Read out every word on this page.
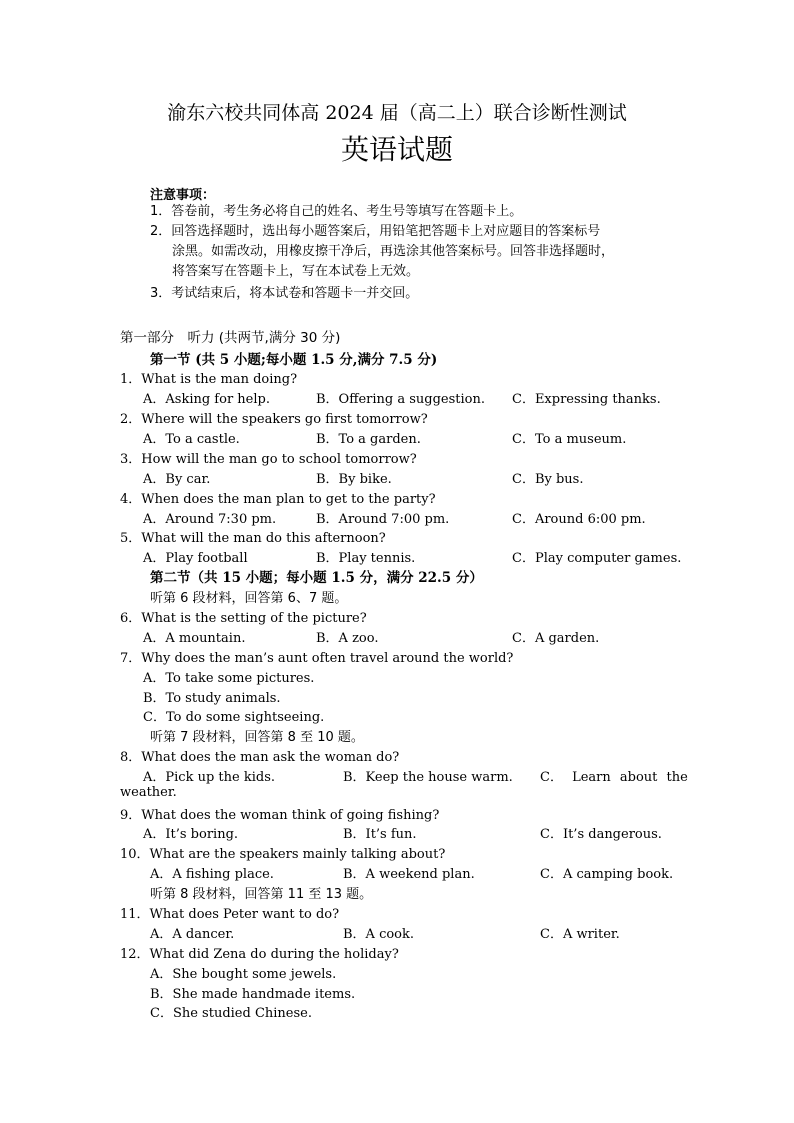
渝东六校共同体高 2024 届（高二上）联合诊断性测试
英语试题
注意事项：
1．答卷前，考生务必将自己的姓名、考生号等填写在答题卡上。
2．回答选择题时，选出每小题答案后，用铅笔把答题卡上对应题目的答案标号
涂黑。如需改动，用橡皮擦干净后，再选涂其他答案标号。回答非选择题时，
将答案写在答题卡上，写在本试卷上无效。
3．考试结束后，将本试卷和答题卡一并交回。
第一部分　听力 (共两节,满分 30 分)
第一节 (共 5 小题;每小题 1.5 分,满分 7.5 分)
1．What is the man doing?
A．Asking for help.	B．Offering a suggestion. C．Expressing thanks.
2．Where will the speakers go first tomorrow?
A．To a castle.	B．To a garden.	C．To a museum.
3．How will the man go to school tomorrow?
A．By car.	B．By bike.	C．By bus.
4．When does the man plan to get to the party?
A．Around 7:30 pm.	B．Around 7:00 pm.	C．Around 6:00 pm.
5．What will the man do this afternoon?
A．Play football	B．Play tennis.	C．Play computer games.
第二节（共 15 小题；每小题 1.5 分，满分 22.5 分）
听第 6 段材料，回答第 6、7 题。
6．What is the setting of the picture?
A．A mountain.	B．A zoo.	C．A garden.
7．Why does the man’s aunt often travel around the world?
A．To take some pictures.
B．To study animals.
C．To do some sightseeing.
听第 7 段材料，回答第 8 至 10 题。
8．What does the man ask the woman do?
A．Pick up the kids.	B．Keep the house warm. C． Learn about the
weather.
9．What does the woman think of going fishing?
A．It’s boring.	B．It’s fun.	C．It’s dangerous.
10．What are the speakers mainly talking about?
A．A fishing place.	B．A weekend plan.	C．A camping book.
听第 8 段材料，回答第 11 至 13 题。
11．What does Peter want to do?
A．A dancer.	B．A cook.	C．A writer.
12．What did Zena do during the holiday?
A．She bought some jewels.
B．She made handmade items.
C．She studied Chinese.
